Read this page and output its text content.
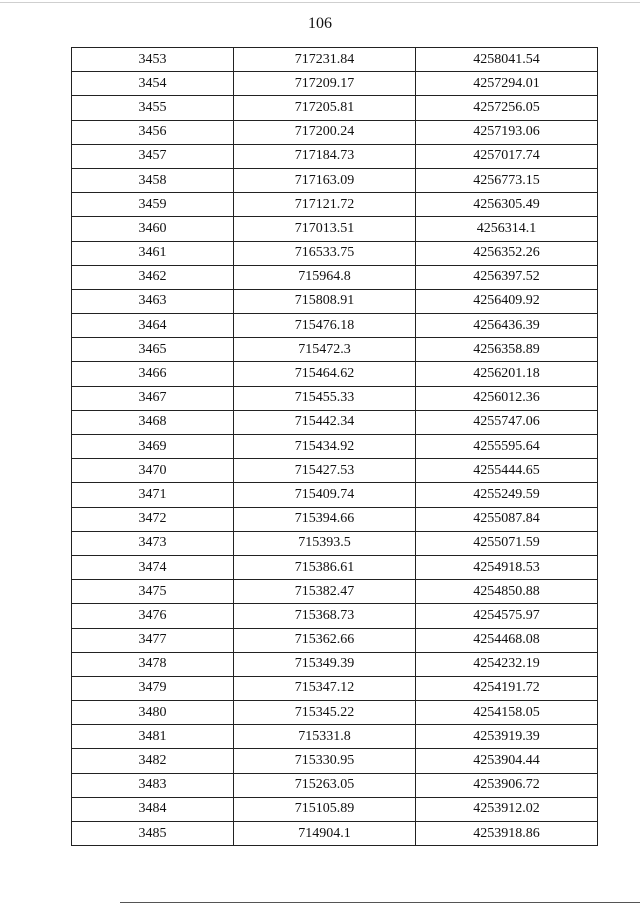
106
3453	717231.84	4258041.54
3454	717209.17	4257294.01
3455	717205.81	4257256.05
3456	717200.24	4257193.06
3457	717184.73	4257017.74
3458	717163.09	4256773.15
3459	717121.72	4256305.49
3460	717013.51	4256314.1
3461	716533.75	4256352.26
3462	715964.8	4256397.52
3463	715808.91	4256409.92
3464	715476.18	4256436.39
3465	715472.3	4256358.89
3466	715464.62	4256201.18
3467	715455.33	4256012.36
3468	715442.34	4255747.06
3469	715434.92	4255595.64
3470	715427.53	4255444.65
3471	715409.74	4255249.59
3472	715394.66	4255087.84
3473	715393.5	4255071.59
3474	715386.61	4254918.53
3475	715382.47	4254850.88
3476	715368.73	4254575.97
3477	715362.66	4254468.08
3478	715349.39	4254232.19
3479	715347.12	4254191.72
3480	715345.22	4254158.05
3481	715331.8	4253919.39
3482	715330.95	4253904.44
3483	715263.05	4253906.72
3484	715105.89	4253912.02
3485	714904.1	4253918.86
